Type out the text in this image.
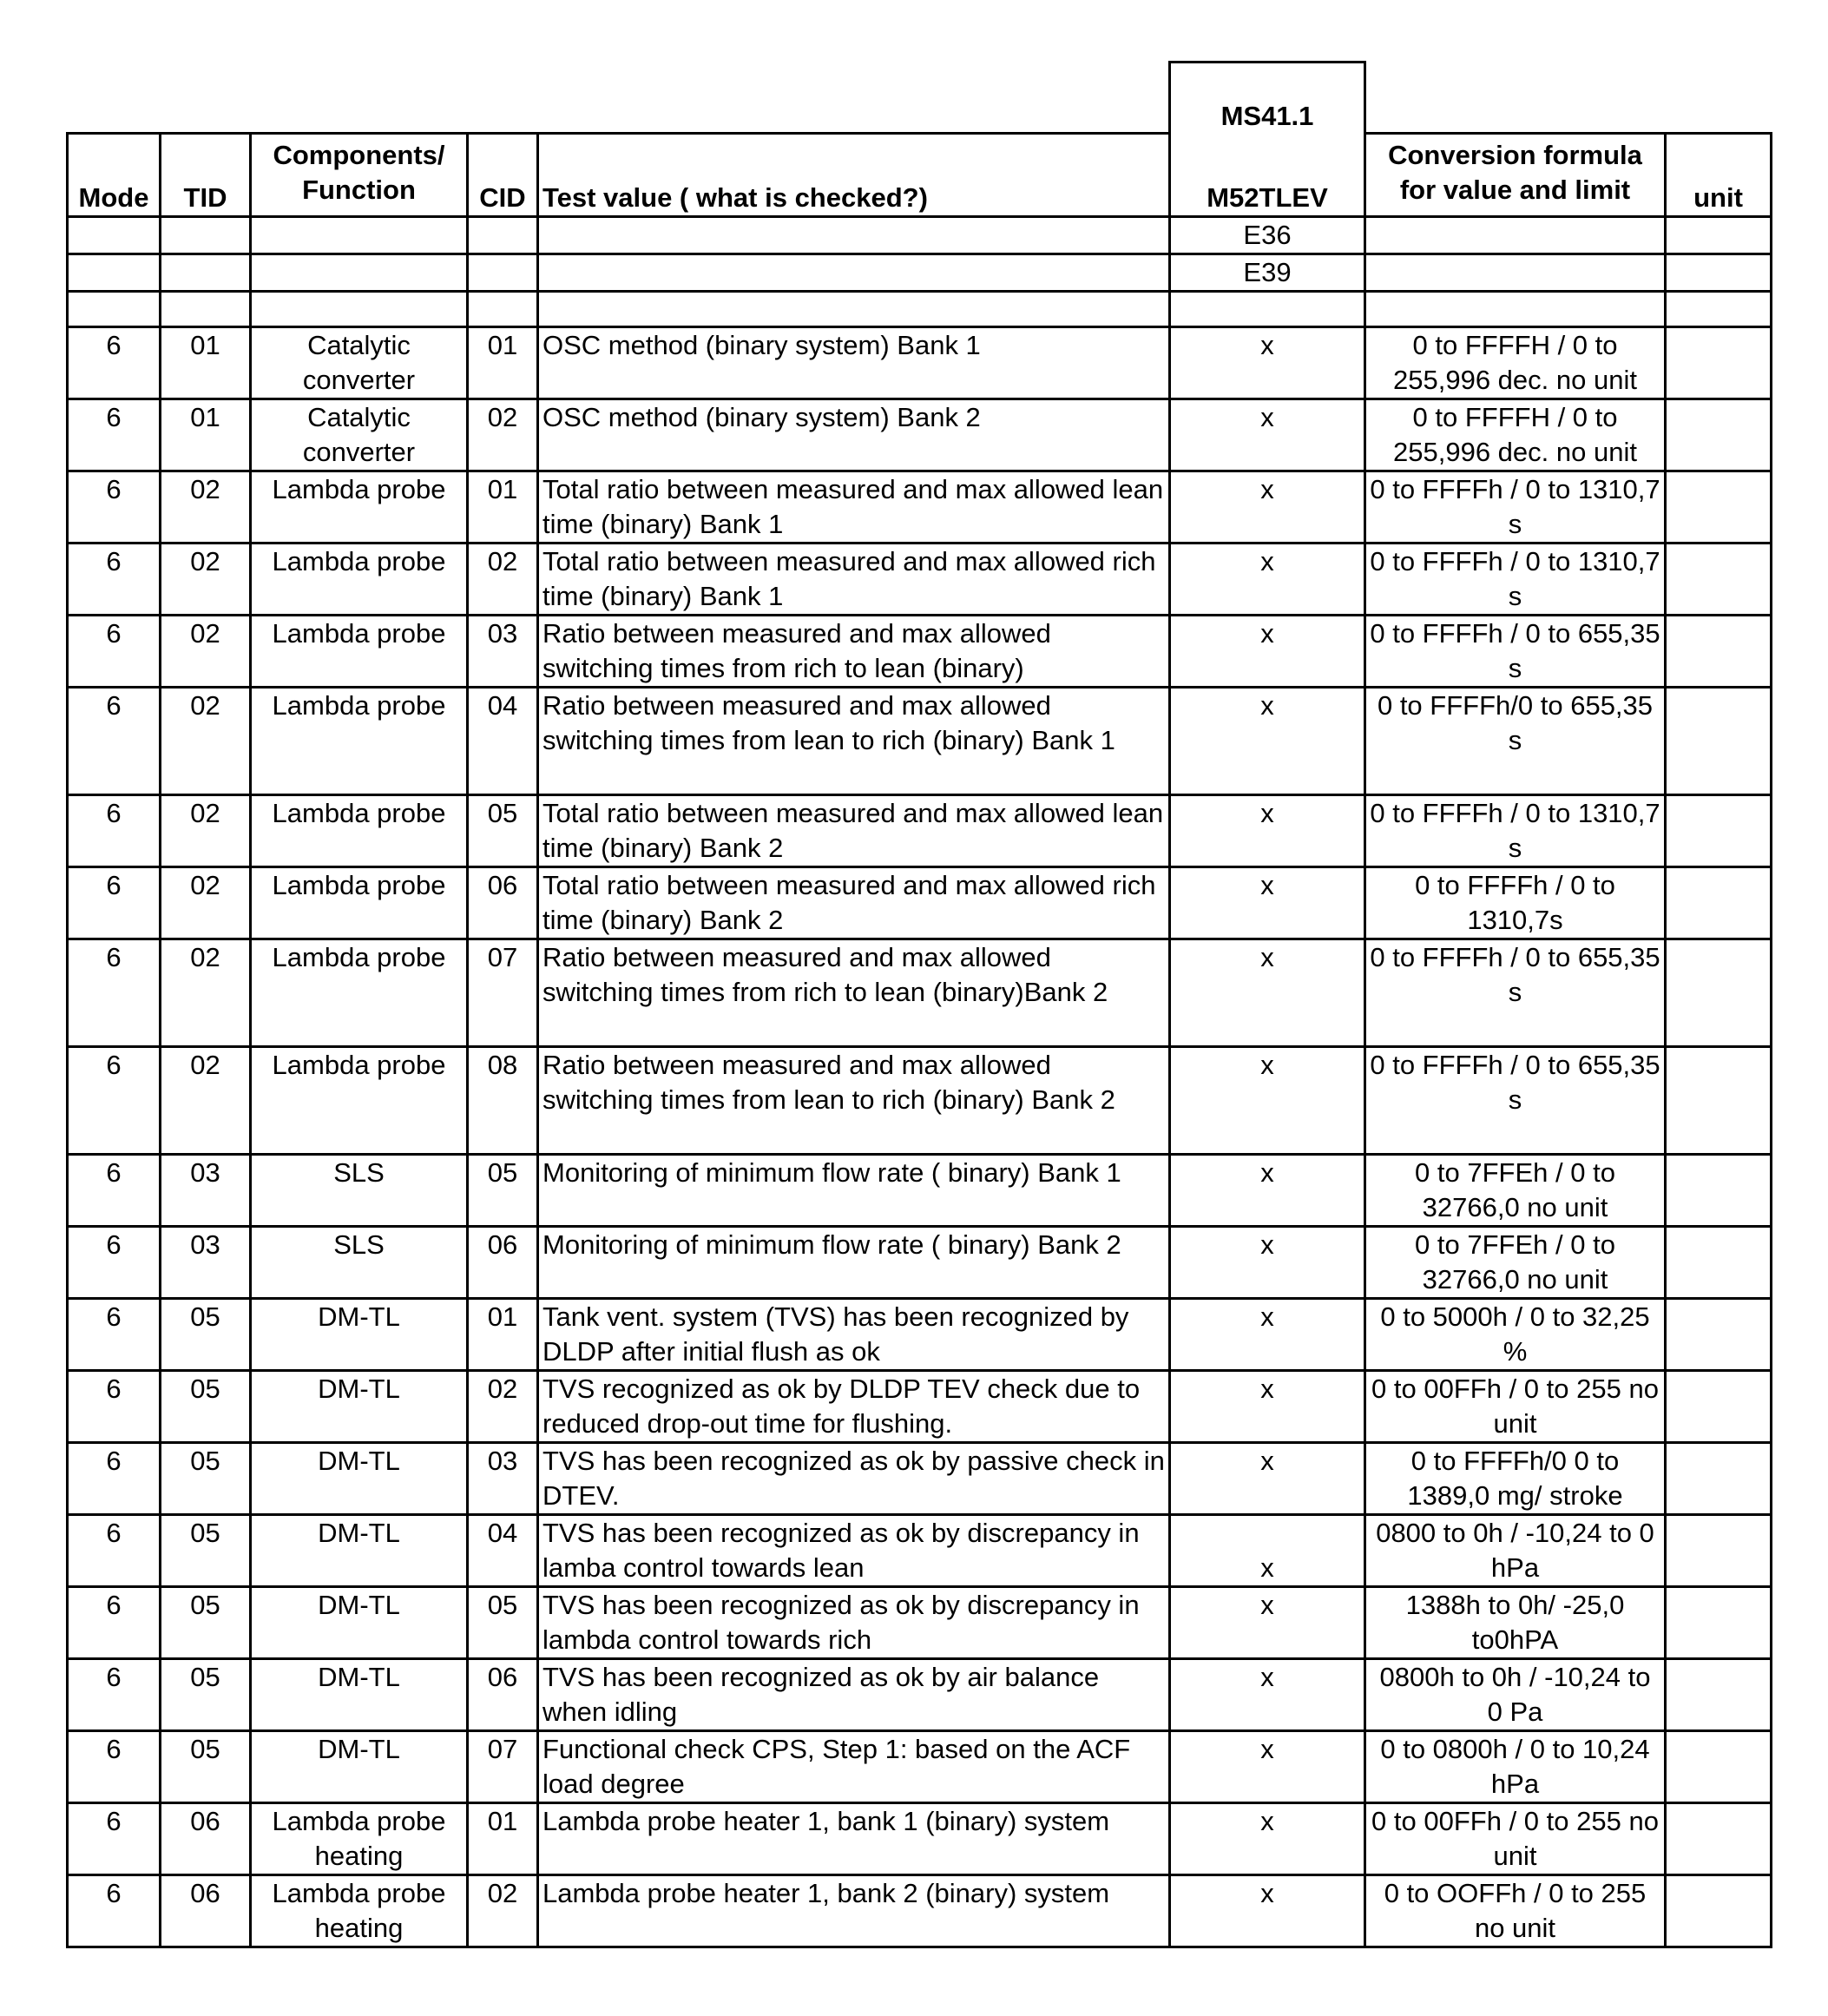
					MS41.1		
Mode	TID	Components/ Function	CID	Test value ( what is checked?)	M52TLEV	Conversion formula for value and limit	unit
					E36		
					E39		

6	01	Catalytic converter	01	OSC method (binary system) Bank 1	x	0 to FFFFH / 0 to 255,996 dec. no unit	
6	01	Catalytic converter	02	OSC method (binary system) Bank 2	x	0 to FFFFH / 0 to 255,996 dec. no unit	
6	02	Lambda probe	01	Total ratio between measured and max allowed lean time (binary) Bank 1	x	0 to FFFFh / 0 to 1310,7 s	
6	02	Lambda probe	02	Total ratio between measured and max allowed rich time (binary) Bank 1	x	0 to FFFFh / 0 to 1310,7 s	
6	02	Lambda probe	03	Ratio between measured and max allowed switching times from rich to lean (binary)	x	0 to FFFFh / 0 to 655,35 s	
6	02	Lambda probe	04	Ratio between measured and max allowed switching times from lean to rich (binary) Bank 1	x	0 to FFFFh/0 to 655,35 s	
6	02	Lambda probe	05	Total ratio between measured and max allowed lean time (binary) Bank 2	x	0 to FFFFh / 0 to 1310,7 s	
6	02	Lambda probe	06	Total ratio between measured and max allowed rich time (binary) Bank 2	x	0 to FFFFh / 0 to 1310,7s	
6	02	Lambda probe	07	Ratio between measured and max allowed switching times from rich to lean (binary)Bank 2	x	0 to FFFFh / 0 to 655,35 s	
6	02	Lambda probe	08	Ratio between measured and max allowed switching times from lean to rich (binary) Bank 2	x	0 to FFFFh / 0 to 655,35 s	
6	03	SLS	05	Monitoring of minimum flow rate ( binary) Bank 1	x	0 to 7FFEh / 0 to 32766,0 no unit	
6	03	SLS	06	Monitoring of minimum flow rate ( binary) Bank 2	x	0 to 7FFEh / 0 to 32766,0 no unit	
6	05	DM-TL	01	Tank vent. system (TVS) has been recognized by DLDP after initial flush as ok	x	0 to 5000h / 0 to 32,25 %	
6	05	DM-TL	02	TVS recognized as ok by DLDP TEV check due to reduced drop-out time for flushing.	x	0 to 00FFh / 0 to 255 no unit	
6	05	DM-TL	03	TVS has been recognized as ok by passive check in DTEV.	x	0 to FFFFh/0 0 to 1389,0 mg/ stroke	
6	05	DM-TL	04	TVS has been recognized as ok by discrepancy in lamba control towards lean	x	0800 to 0h / -10,24 to 0 hPa	
6	05	DM-TL	05	TVS has been recognized as ok by discrepancy in lambda control towards rich	x	1388h to 0h/ -25,0 to0hPA	
6	05	DM-TL	06	TVS has been recognized as ok by air balance when idling	x	0800h to 0h / -10,24 to 0 Pa	
6	05	DM-TL	07	Functional check CPS, Step 1: based on the ACF load degree	x	0 to 0800h / 0 to 10,24 hPa	
6	06	Lambda probe heating	01	Lambda probe heater 1, bank 1 (binary) system	x	0 to 00FFh / 0 to 255 no unit	
6	06	Lambda probe heating	02	Lambda probe heater 1, bank 2 (binary) system	x	0 to OOFFh / 0 to 255 no unit	
